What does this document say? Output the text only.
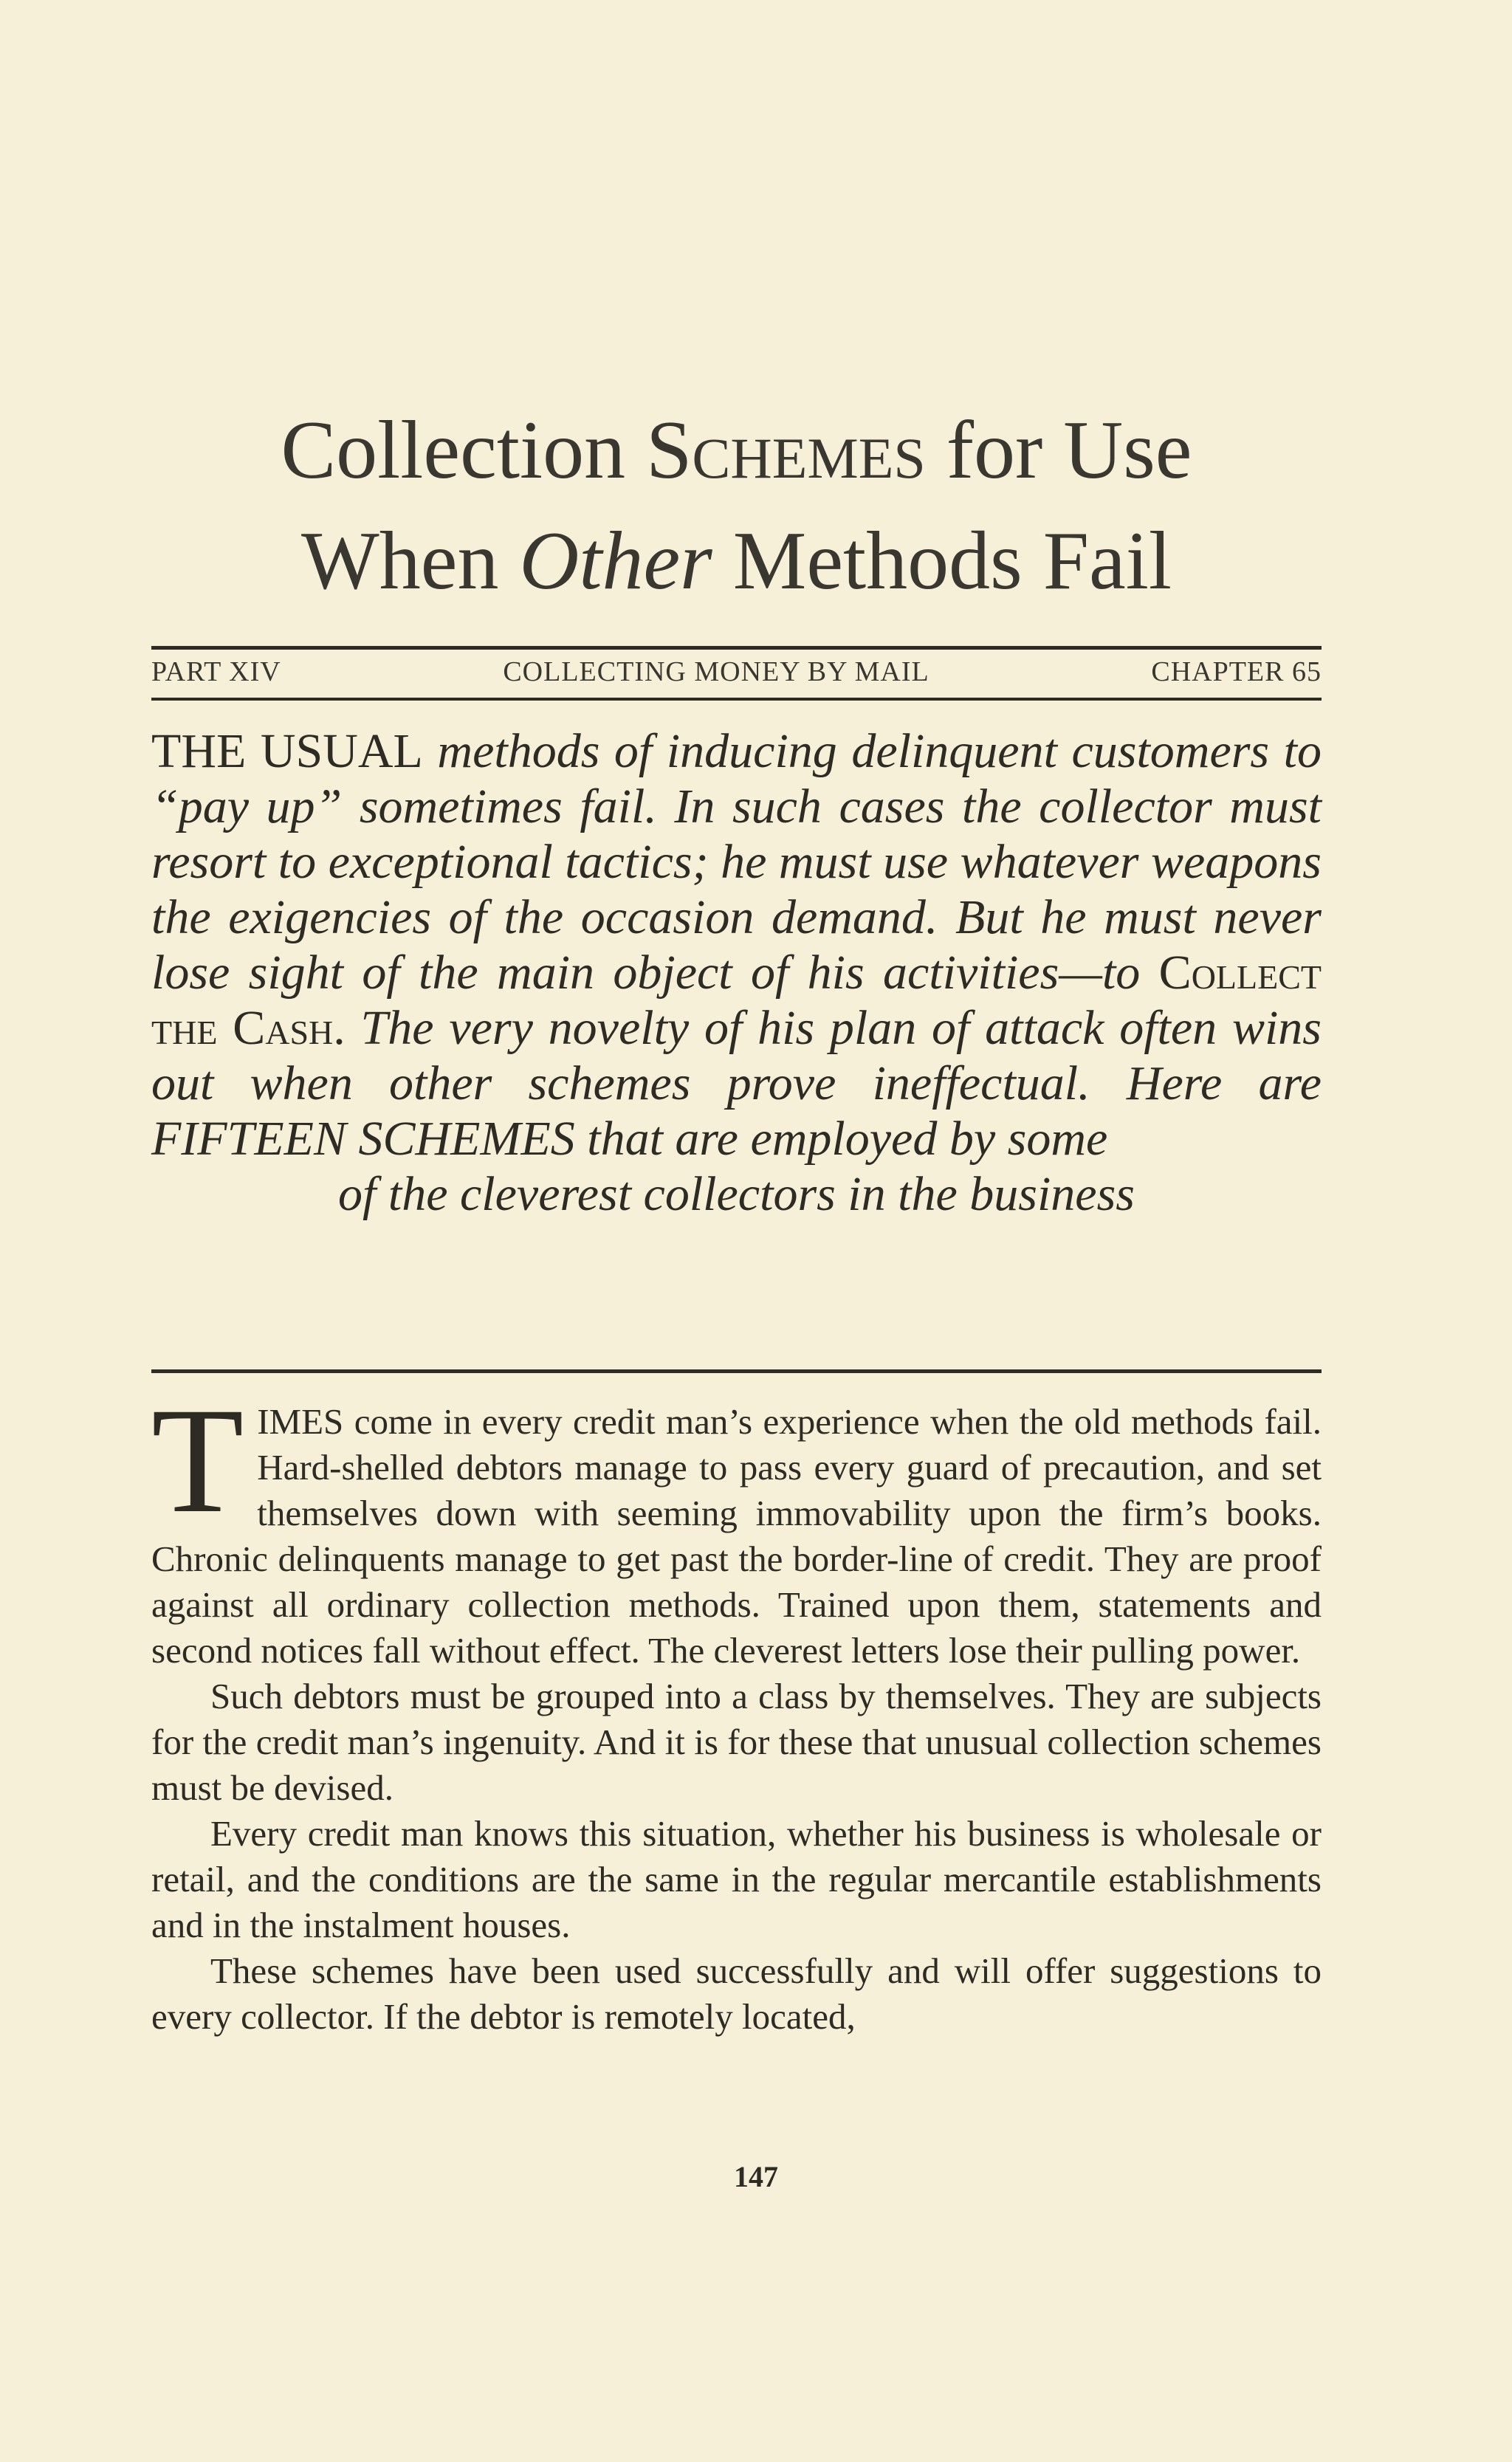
Collection Schemes for Use
When Other Methods Fail
PART XIV	COLLECTING MONEY BY MAIL	CHAPTER 65

THE USUAL methods of inducing delinquent customers to “pay up” sometimes fail. In such cases the collector must resort to exceptional tactics; he must use whatever weapons the exigencies of the occasion demand. But he must never lose sight of the main object of his activities—to Collect the Cash. The very novelty of his plan of attack often wins out when other schemes prove ineffectual. Here are FIFTEEN SCHEMES that are employed by some
of the cleverest collectors in the business

TIMES come in every credit man’s experience when the old methods fail. Hard-shelled debtors manage to pass every guard of precaution, and set themselves down with seeming immovability upon the firm’s books. Chronic delinquents manage to get past the border-line of credit. They are proof against all ordinary collection methods. Trained upon them, statements and second notices fall without effect. The cleverest letters lose their pulling power.

Such debtors must be grouped into a class by themselves. They are subjects for the credit man’s ingenuity. And it is for these that unusual collection schemes must be devised.

Every credit man knows this situation, whether his business is wholesale or retail, and the conditions are the same in the regular mercantile establishments and in the instalment houses.

These schemes have been used successfully and will offer suggestions to every collector. If the debtor is remotely located,

147
